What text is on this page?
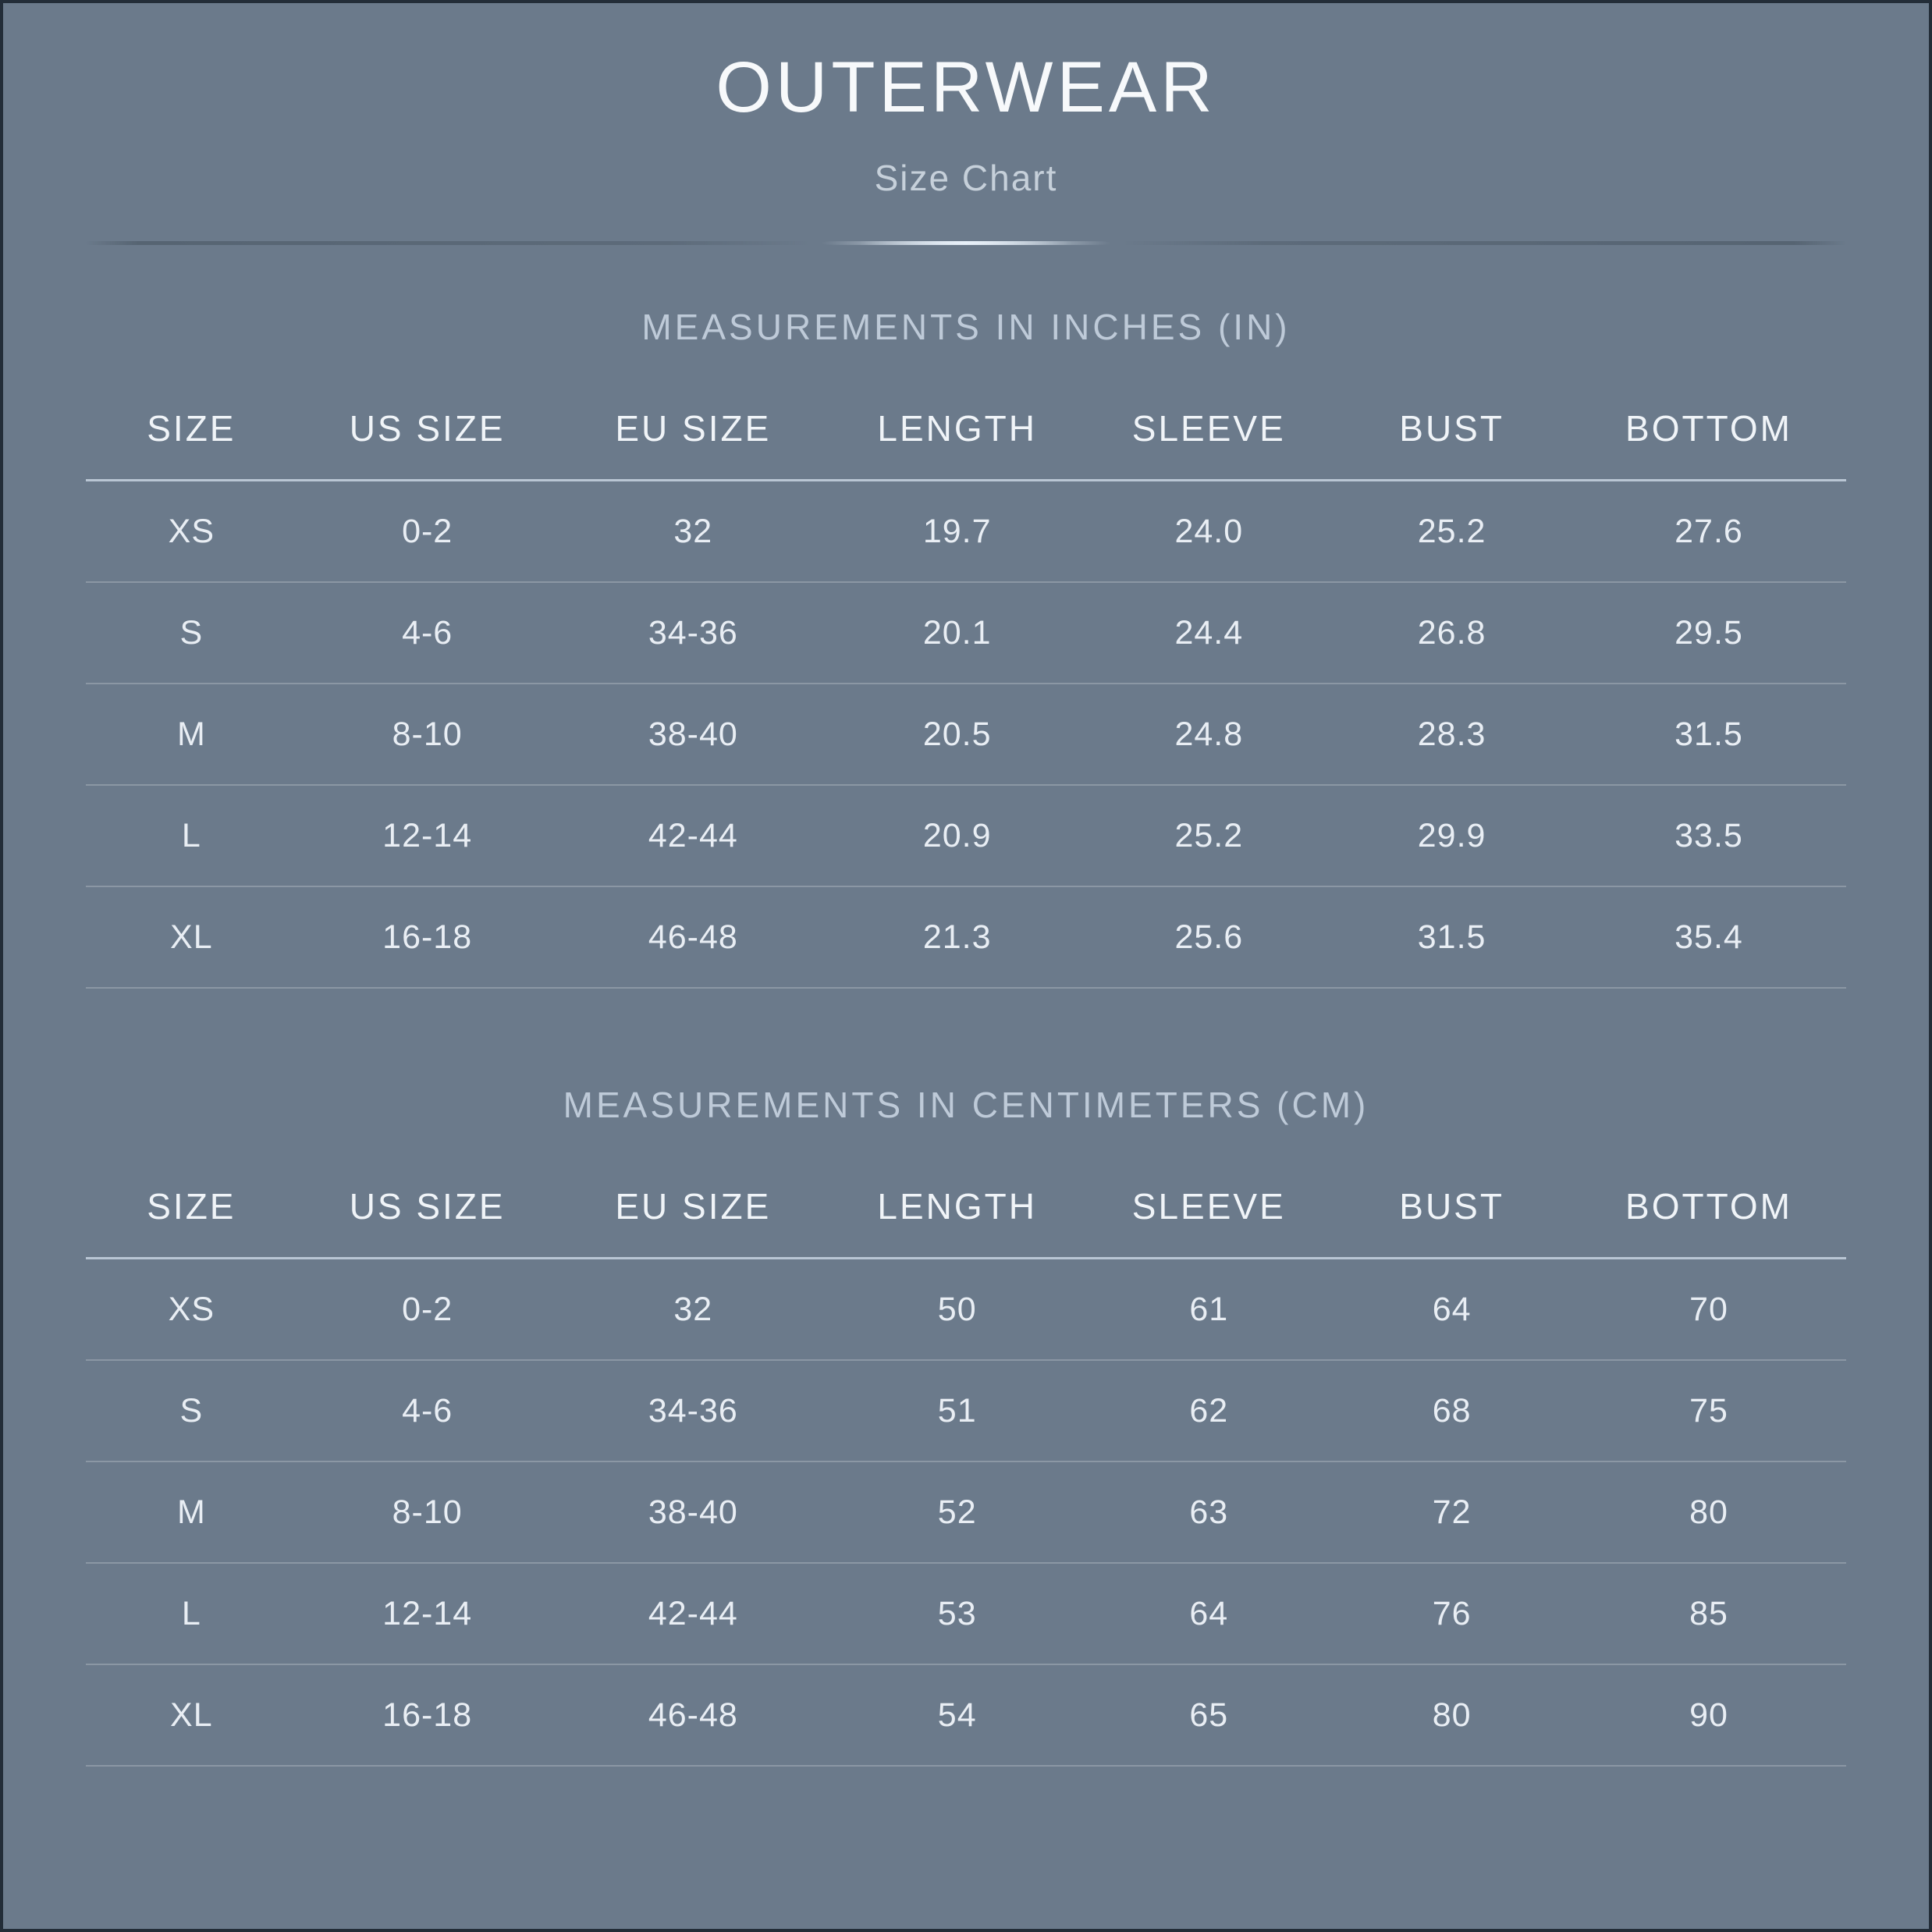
OUTERWEAR
Size Chart
MEASUREMENTS IN INCHES (IN)
SIZE	US SIZE	EU SIZE	LENGTH	SLEEVE	BUST	BOTTOM
XS	0-2	32	19.7	24.0	25.2	27.6
S	4-6	34-36	20.1	24.4	26.8	29.5
M	8-10	38-40	20.5	24.8	28.3	31.5
L	12-14	42-44	20.9	25.2	29.9	33.5
XL	16-18	46-48	21.3	25.6	31.5	35.4
MEASUREMENTS IN CENTIMETERS (CM)
SIZE	US SIZE	EU SIZE	LENGTH	SLEEVE	BUST	BOTTOM
XS	0-2	32	50	61	64	70
S	4-6	34-36	51	62	68	75
M	8-10	38-40	52	63	72	80
L	12-14	42-44	53	64	76	85
XL	16-18	46-48	54	65	80	90
